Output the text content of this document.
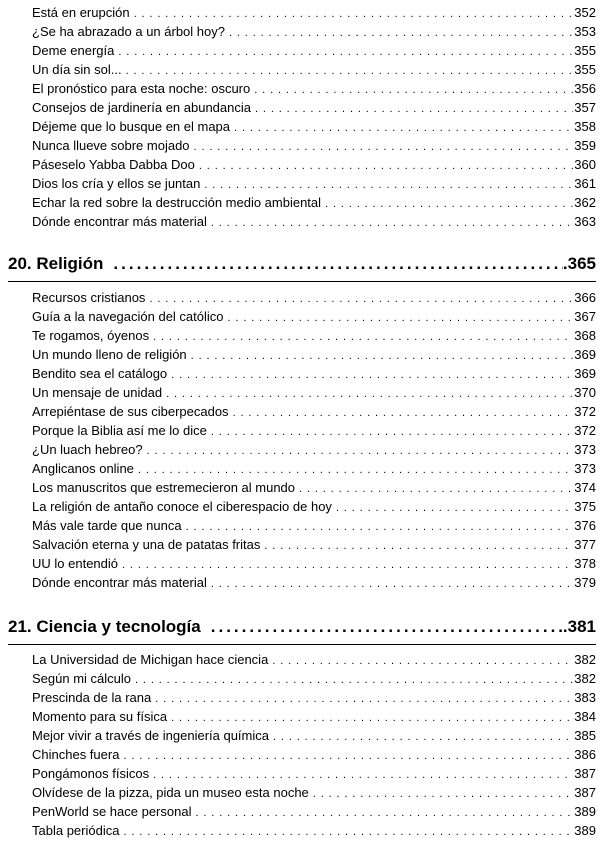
Está en erupción . . .	352
¿Se ha abrazado a un árbol hoy? . . .	353
Deme energía . . .	355
Un día sin sol... . . .	355
El pronóstico para esta noche: oscuro . . .	356
Consejos de jardinería en abundancia . . .	357
Déjeme que lo busque en el mapa . . .	358
Nunca llueve sobre mojado . . .	359
Páseselo Yabba Dabba Doo . . .	360
Dios los cría y ellos se juntan . . .	361
Echar la red sobre la destrucción medio ambiental . . .	362
Dónde encontrar más material . . .	363
20. Religión .....	.365
Recursos cristianos . . .	366
Guía a la navegación del católico . . .	367
Te rogamos, óyenos . . .	368
Un mundo lleno de religión . . .	369
Bendito sea el catálogo . . .	369
Un mensaje de unidad . . .	370
Arrepiéntase de sus ciberpecados . . .	372
Porque la Biblia así me lo dice . . .	372
¿Un luach hebreo? . . .	373
Anglicanos online . . .	373
Los manuscritos que estremecieron al mundo . . .	374
La religión de antaño conoce el ciberespacio de hoy . . .	375
Más vale tarde que nunca . . .	376
Salvación eterna y una de patatas fritas . . .	377
UU lo entendió . . .	378
Dónde encontrar más material . . .	379
21. Ciencia y tecnología .....	.381
La Universidad de Michigan hace ciencia . . .	382
Según mi cálculo . . .	382
Prescinda de la rana . . .	383
Momento para su física . . .	384
Mejor vivir a través de ingeniería química . . .	385
Chinches fuera . . .	386
Pongámonos físicos . . .	387
Olvídese de la pizza, pida un museo esta noche . . .	387
PenWorld se hace personal . . .	389
Tabla periódica . . .	389
